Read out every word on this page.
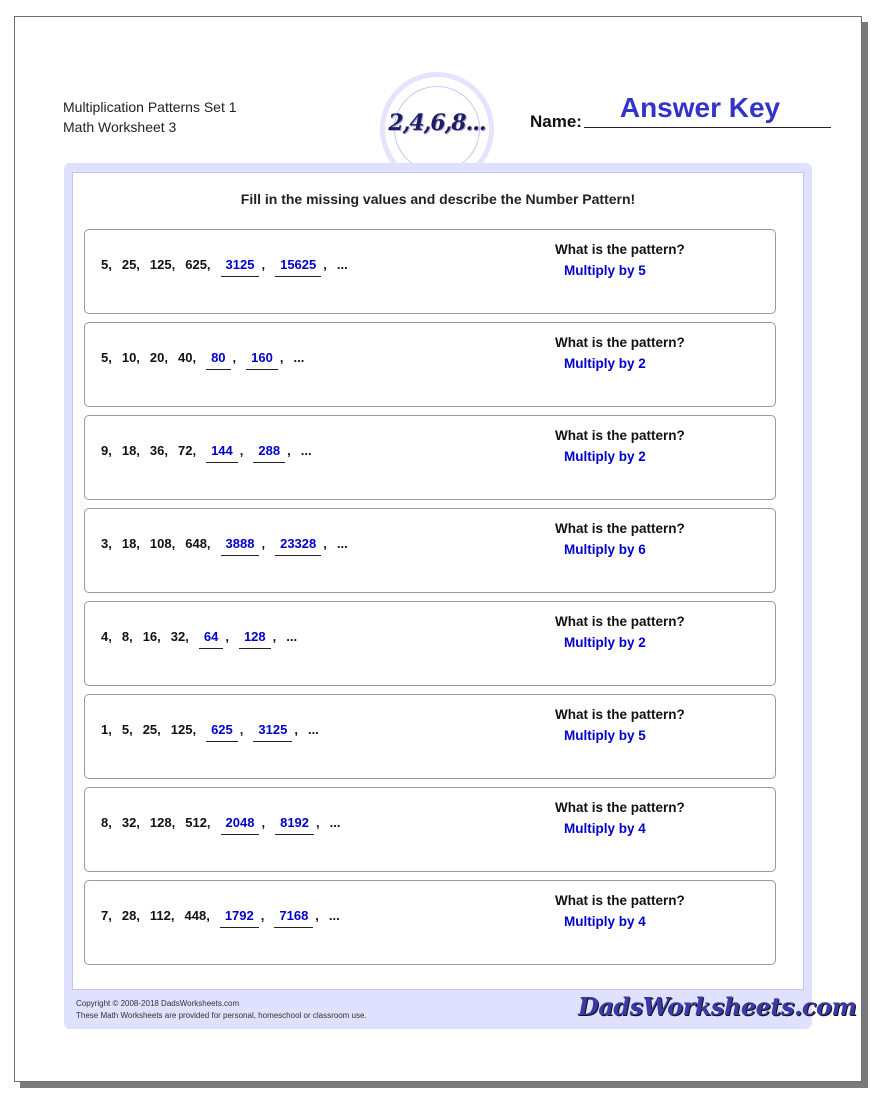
Multiplication Patterns Set 1
Math Worksheet 3	2,4,6,8...	Name:	Answer Key
Fill in the missing values and describe the Number Pattern!
5, 25, 125, 625, 3125 , 15625 , ...
What is the pattern?
Multiply by 5
5, 10, 20, 40, 80 , 160 , ...
What is the pattern?
Multiply by 2
9, 18, 36, 72, 144 , 288 , ...
What is the pattern?
Multiply by 2
3, 18, 108, 648, 3888 , 23328 , ...
What is the pattern?
Multiply by 6
4, 8, 16, 32, 64 , 128 , ...
What is the pattern?
Multiply by 2
1, 5, 25, 125, 625 , 3125 , ...
What is the pattern?
Multiply by 5
8, 32, 128, 512, 2048 , 8192 , ...
What is the pattern?
Multiply by 4
7, 28, 112, 448, 1792 , 7168 , ...
What is the pattern?
Multiply by 4
Copyright © 2008-2018 DadsWorksheets.com
These Math Worksheets are provided for personal, homeschool or classroom use.	DadsWorksheets.com
